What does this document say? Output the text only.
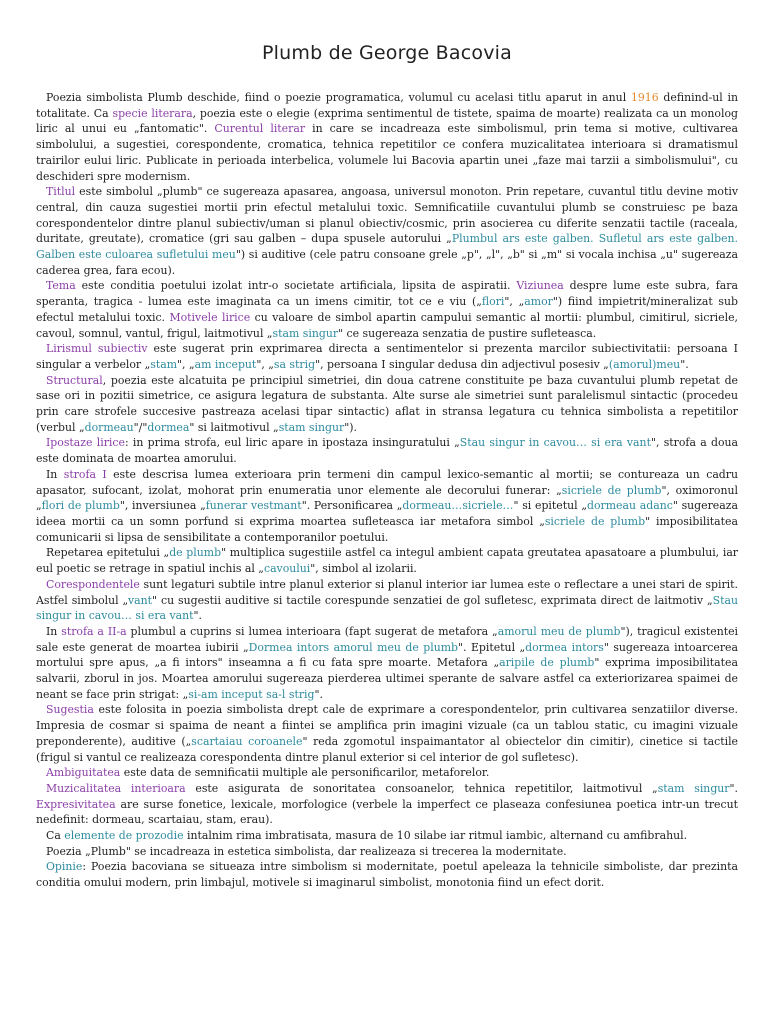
Plumb de George Bacovia

Poezia simbolista Plumb deschide, fiind o poezie programatica, volumul cu acelasi titlu aparut in anul 1916 definind-ul in totalitate. Ca specie literara, poezia este o elegie (exprima sentimentul de tistete, spaima de moarte) realizata ca un monolog liric al unui eu „fantomatic". Curentul literar in care se incadreaza este simbolismul, prin tema si motive, cultivarea simbolului, a sugestiei, corespondente, cromatica, tehnica repetitilor ce confera muzicalitatea interioara si dramatismul trairilor eului liric. Publicate in perioada interbelica, volumele lui Bacovia apartin unei „faze mai tarzii a simbolismului", cu deschideri spre modernism.

Titlul este simbolul „plumb" ce sugereaza apasarea, angoasa, universul monoton. Prin repetare, cuvantul titlu devine motiv central, din cauza sugestiei mortii prin efectul metalului toxic. Semnificatiile cuvantului plumb se construiesc pe baza corespondentelor dintre planul subiectiv/uman si planul obiectiv/cosmic, prin asocierea cu diferite senzatii tactile (raceala, duritate, greutate), cromatice (gri sau galben – dupa spusele autorului „Plumbul ars este galben. Sufletul ars este galben. Galben este culoarea sufletului meu") si auditive (cele patru consoane grele „p", „l", „b" si „m" si vocala inchisa „u" sugereaza caderea grea, fara ecou).

Tema este conditia poetului izolat intr-o societate artificiala, lipsita de aspiratii. Viziunea despre lume este subra, fara speranta, tragica - lumea este imaginata ca un imens cimitir, tot ce e viu („flori", „amor") fiind impietrit/mineralizat sub efectul metalului toxic. Motivele lirice cu valoare de simbol apartin campului semantic al mortii: plumbul, cimitirul, sicriele, cavoul, somnul, vantul, frigul, laitmotivul „stam singur" ce sugereaza senzatia de pustire sufleteasca.

Lirismul subiectiv este sugerat prin exprimarea directa a sentimentelor si prezenta marcilor subiectivitatii: persoana I singular a verbelor „stam", „am inceput", „sa strig", persoana I singular dedusa din adjectivul posesiv „(amorul)meu".

Structural, poezia este alcatuita pe principiul simetriei, din doua catrene constituite pe baza cuvantului plumb repetat de sase ori in pozitii simetrice, ce asigura legatura de substanta. Alte surse ale simetriei sunt paralelismul sintactic (procedeu prin care strofele succesive pastreaza acelasi tipar sintactic) aflat in stransa legatura cu tehnica simbolista a repetitilor (verbul „dormeau"/"dormea" si laitmotivul „stam singur").

Ipostaze lirice: in prima strofa, eul liric apare in ipostaza insinguratului „Stau singur in cavou… si era vant", strofa a doua este dominata de moartea amorului.

In strofa I este descrisa lumea exterioara prin termeni din campul lexico-semantic al mortii; se contureaza un cadru apasator, sufocant, izolat, mohorat prin enumeratia unor elemente ale decorului funerar: „sicriele de plumb", oximoronul „flori de plumb", inversiunea „funerar vestmant". Personificarea „dormeau…sicriele…" si epitetul „dormeau adanc" sugereaza ideea mortii ca un somn porfund si exprima moartea sufleteasca iar metafora simbol „sicriele de plumb" imposibilitatea comunicarii si lipsa de sensibilitate a contemporanilor poetului.

Repetarea epitetului „de plumb" multiplica sugestiile astfel ca integul ambient capata greutatea apasatoare a plumbului, iar eul poetic se retrage in spatiul inchis al „cavoului", simbol al izolarii.

Corespondentele sunt legaturi subtile intre planul exterior si planul interior iar lumea este o reflectare a unei stari de spirit. Astfel simbolul „vant" cu sugestii auditive si tactile corespunde senzatiei de gol sufletesc, exprimata direct de laitmotiv „Stau singur in cavou… si era vant".

In strofa a II-a plumbul a cuprins si lumea interioara (fapt sugerat de metafora „amorul meu de plumb"), tragicul existentei sale este generat de moartea iubirii „Dormea intors amorul meu de plumb". Epitetul „dormea intors" sugereaza intoarcerea mortului spre apus, „a fi intors" inseamna a fi cu fata spre moarte. Metafora „aripile de plumb" exprima imposibilitatea salvarii, zborul in jos. Moartea amorului sugereaza pierderea ultimei sperante de salvare astfel ca exteriorizarea spaimei de neant se face prin strigat: „si-am inceput sa-l strig".

Sugestia este folosita in poezia simbolista drept cale de exprimare a corespondentelor, prin cultivarea senzatiilor diverse. Impresia de cosmar si spaima de neant a fiintei se amplifica prin imagini vizuale (ca un tablou static, cu imagini vizuale preponderente), auditive („scartaiau coroanele" reda zgomotul inspaimantator al obiectelor din cimitir), cinetice si tactile (frigul si vantul ce realizeaza corespondenta dintre planul exterior si cel interior de gol sufletesc).

Ambiguitatea este data de semnificatii multiple ale personificarilor, metaforelor.

Muzicalitatea interioara este asigurata de sonoritatea consoanelor, tehnica repetitilor, laitmotivul „stam singur". Expresivitatea are surse fonetice, lexicale, morfologice (verbele la imperfect ce plaseaza confesiunea poetica intr-un trecut nedefinit: dormeau, scartaiau, stam, erau).

Ca elemente de prozodie intalnim rima imbratisata, masura de 10 silabe iar ritmul iambic, alternand cu amfibrahul.

Poezia „Plumb" se incadreaza in estetica simbolista, dar realizeaza si trecerea la modernitate.

Opinie: Poezia bacoviana se situeaza intre simbolism si modernitate, poetul apeleaza la tehnicile simboliste, dar prezinta conditia omului modern, prin limbajul, motivele si imaginarul simbolist, monotonia fiind un efect dorit.
